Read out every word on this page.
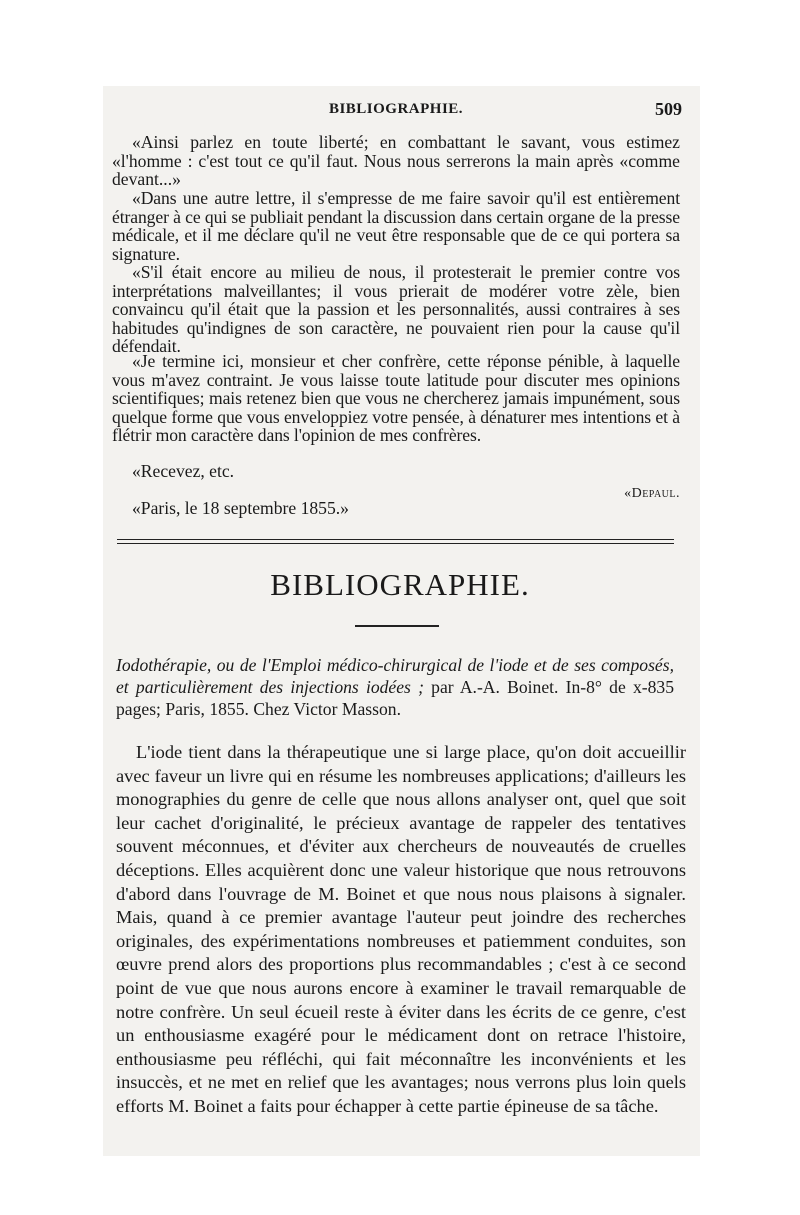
BIBLIOGRAPHIE.	509
«Ainsi parlez en toute liberté; en combattant le savant, vous estimez «l'homme : c'est tout ce qu'il faut. Nous nous serrerons la main après «comme devant...»
«Dans une autre lettre, il s'empresse de me faire savoir qu'il est entièrement étranger à ce qui se publiait pendant la discussion dans certain organe de la presse médicale, et il me déclare qu'il ne veut être responsable que de ce qui portera sa signature.
«S'il était encore au milieu de nous, il protesterait le premier contre vos interprétations malveillantes; il vous prierait de modérer votre zèle, bien convaincu qu'il était que la passion et les personnalités, aussi contraires à ses habitudes qu'indignes de son caractère, ne pouvaient rien pour la cause qu'il défendait.
«Je termine ici, monsieur et cher confrère, cette réponse pénible, à laquelle vous m'avez contraint. Je vous laisse toute latitude pour discuter mes opinions scientifiques; mais retenez bien que vous ne chercherez jamais impunément, sous quelque forme que vous enveloppiez votre pensée, à dénaturer mes intentions et à flétrir mon caractère dans l'opinion de mes confrères.
«Recevez, etc.
«Depaul.
«Paris, le 18 septembre 1855.»
BIBLIOGRAPHIE.
Iodothérapie, ou de l'Emploi médico-chirurgical de l'iode et de ses composés, et particulièrement des injections iodées ; par A.-A. Boinet. In-8° de x-835 pages; Paris, 1855. Chez Victor Masson.
L'iode tient dans la thérapeutique une si large place, qu'on doit accueillir avec faveur un livre qui en résume les nombreuses applications; d'ailleurs les monographies du genre de celle que nous allons analyser ont, quel que soit leur cachet d'originalité, le précieux avantage de rappeler des tentatives souvent méconnues, et d'éviter aux chercheurs de nouveautés de cruelles déceptions. Elles acquièrent donc une valeur historique que nous retrouvons d'abord dans l'ouvrage de M. Boinet et que nous nous plaisons à signaler. Mais, quand à ce premier avantage l'auteur peut joindre des recherches originales, des expérimentations nombreuses et patiemment conduites, son œuvre prend alors des proportions plus recommandables ; c'est à ce second point de vue que nous aurons encore à examiner le travail remarquable de notre confrère. Un seul écueil reste à éviter dans les écrits de ce genre, c'est un enthousiasme exagéré pour le médicament dont on retrace l'histoire, enthousiasme peu réfléchi, qui fait méconnaître les inconvénients et les insuccès, et ne met en relief que les avantages; nous verrons plus loin quels efforts M. Boinet a faits pour échapper à cette partie épineuse de sa tâche.
